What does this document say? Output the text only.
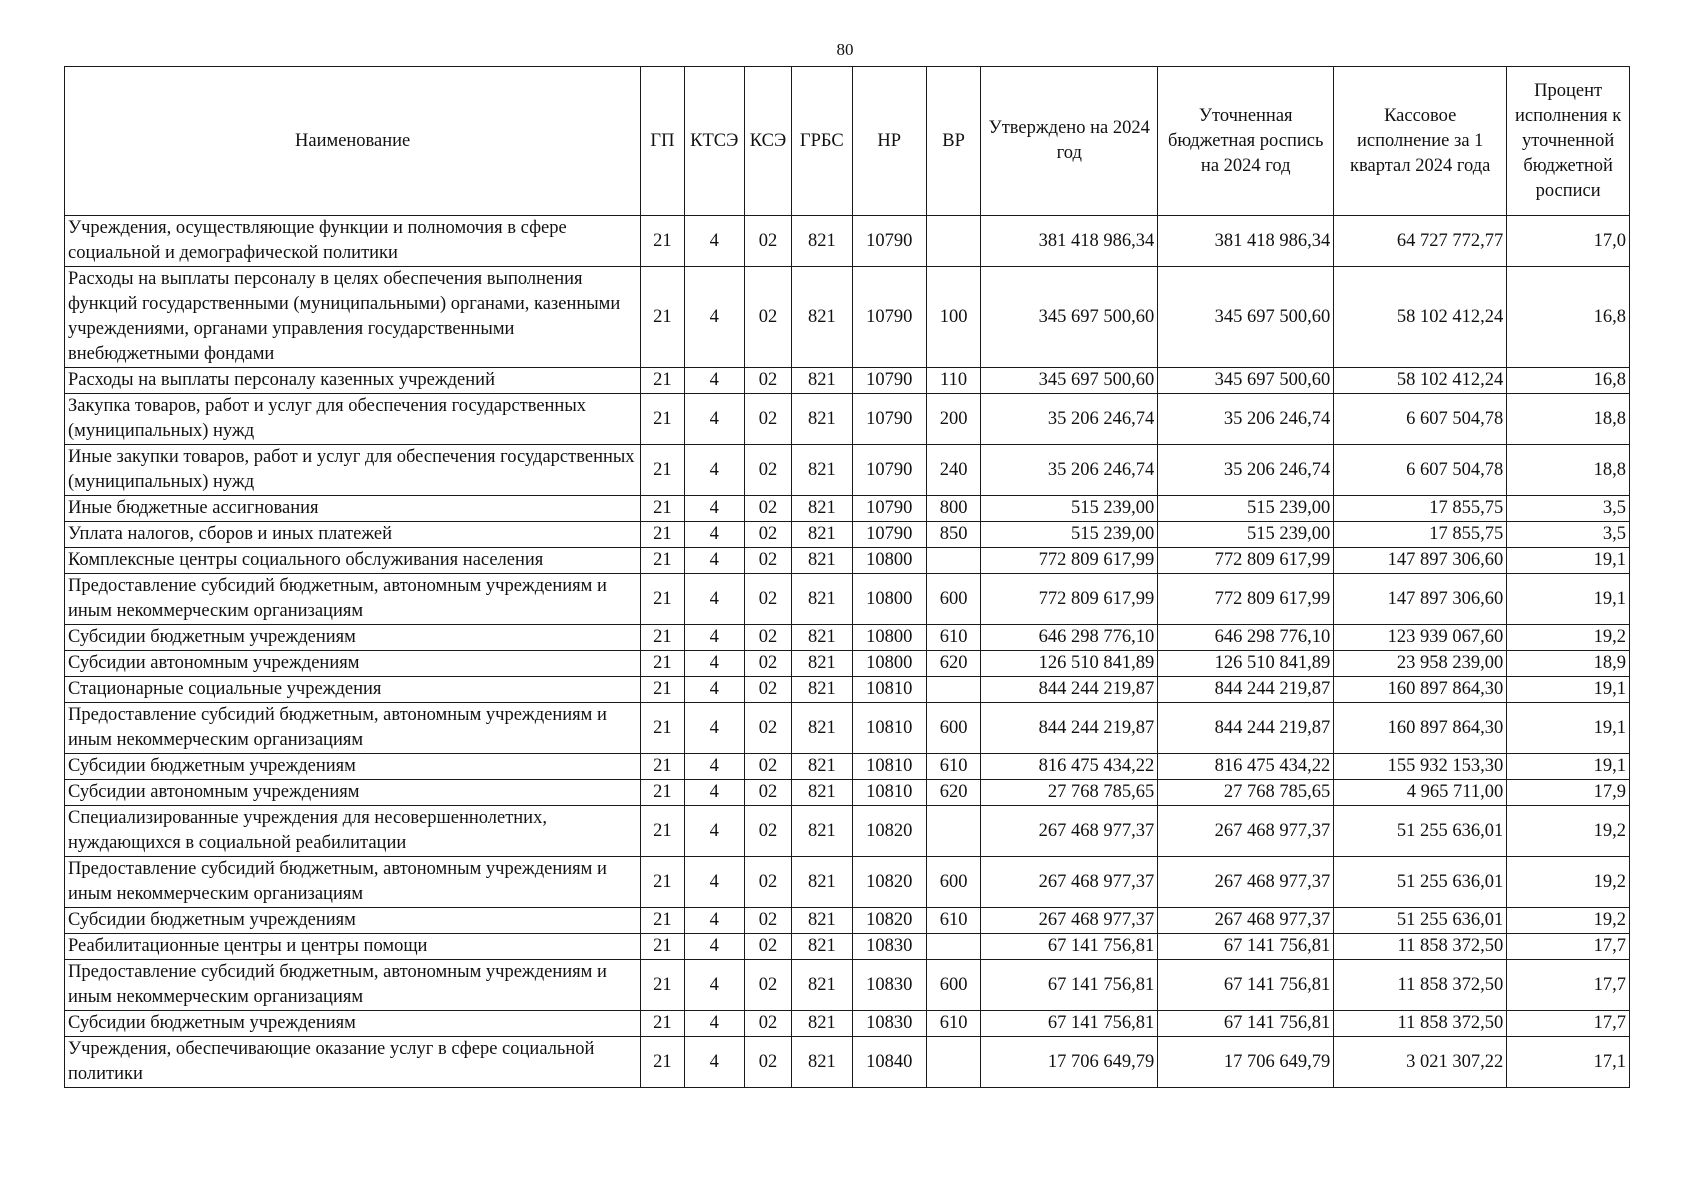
80
Наименование	ГП	КТСЭ	КСЭ	ГРБС	НР	ВР	Утверждено на 2024 год	Уточненная бюджетная роспись на 2024 год	Кассовое исполнение за 1 квартал 2024 года	Процент исполнения к уточненной бюджетной росписи
Учреждения, осуществляющие функции и полномочия в сфере социальной и демографической политики	21	4	02	821	10790		381 418 986,34	381 418 986,34	64 727 772,77	17,0
Расходы на выплаты персоналу в целях обеспечения выполнения функций государственными (муниципальными) органами, казенными учреждениями, органами управления государственными внебюджетными фондами	21	4	02	821	10790	100	345 697 500,60	345 697 500,60	58 102 412,24	16,8
Расходы на выплаты персоналу казенных учреждений	21	4	02	821	10790	110	345 697 500,60	345 697 500,60	58 102 412,24	16,8
Закупка товаров, работ и услуг для обеспечения государственных (муниципальных) нужд	21	4	02	821	10790	200	35 206 246,74	35 206 246,74	6 607 504,78	18,8
Иные закупки товаров, работ и услуг для обеспечения государственных (муниципальных) нужд	21	4	02	821	10790	240	35 206 246,74	35 206 246,74	6 607 504,78	18,8
Иные бюджетные ассигнования	21	4	02	821	10790	800	515 239,00	515 239,00	17 855,75	3,5
Уплата налогов, сборов и иных платежей	21	4	02	821	10790	850	515 239,00	515 239,00	17 855,75	3,5
Комплексные центры социального обслуживания населения	21	4	02	821	10800		772 809 617,99	772 809 617,99	147 897 306,60	19,1
Предоставление субсидий бюджетным, автономным учреждениям и иным некоммерческим организациям	21	4	02	821	10800	600	772 809 617,99	772 809 617,99	147 897 306,60	19,1
Субсидии бюджетным учреждениям	21	4	02	821	10800	610	646 298 776,10	646 298 776,10	123 939 067,60	19,2
Субсидии автономным учреждениям	21	4	02	821	10800	620	126 510 841,89	126 510 841,89	23 958 239,00	18,9
Стационарные социальные учреждения	21	4	02	821	10810		844 244 219,87	844 244 219,87	160 897 864,30	19,1
Предоставление субсидий бюджетным, автономным учреждениям и иным некоммерческим организациям	21	4	02	821	10810	600	844 244 219,87	844 244 219,87	160 897 864,30	19,1
Субсидии бюджетным учреждениям	21	4	02	821	10810	610	816 475 434,22	816 475 434,22	155 932 153,30	19,1
Субсидии автономным учреждениям	21	4	02	821	10810	620	27 768 785,65	27 768 785,65	4 965 711,00	17,9
Специализированные учреждения для несовершеннолетних, нуждающихся в социальной реабилитации	21	4	02	821	10820		267 468 977,37	267 468 977,37	51 255 636,01	19,2
Предоставление субсидий бюджетным, автономным учреждениям и иным некоммерческим организациям	21	4	02	821	10820	600	267 468 977,37	267 468 977,37	51 255 636,01	19,2
Субсидии бюджетным учреждениям	21	4	02	821	10820	610	267 468 977,37	267 468 977,37	51 255 636,01	19,2
Реабилитационные центры и центры помощи	21	4	02	821	10830		67 141 756,81	67 141 756,81	11 858 372,50	17,7
Предоставление субсидий бюджетным, автономным учреждениям и иным некоммерческим организациям	21	4	02	821	10830	600	67 141 756,81	67 141 756,81	11 858 372,50	17,7
Субсидии бюджетным учреждениям	21	4	02	821	10830	610	67 141 756,81	67 141 756,81	11 858 372,50	17,7
Учреждения, обеспечивающие оказание услуг в сфере социальной политики	21	4	02	821	10840		17 706 649,79	17 706 649,79	3 021 307,22	17,1
